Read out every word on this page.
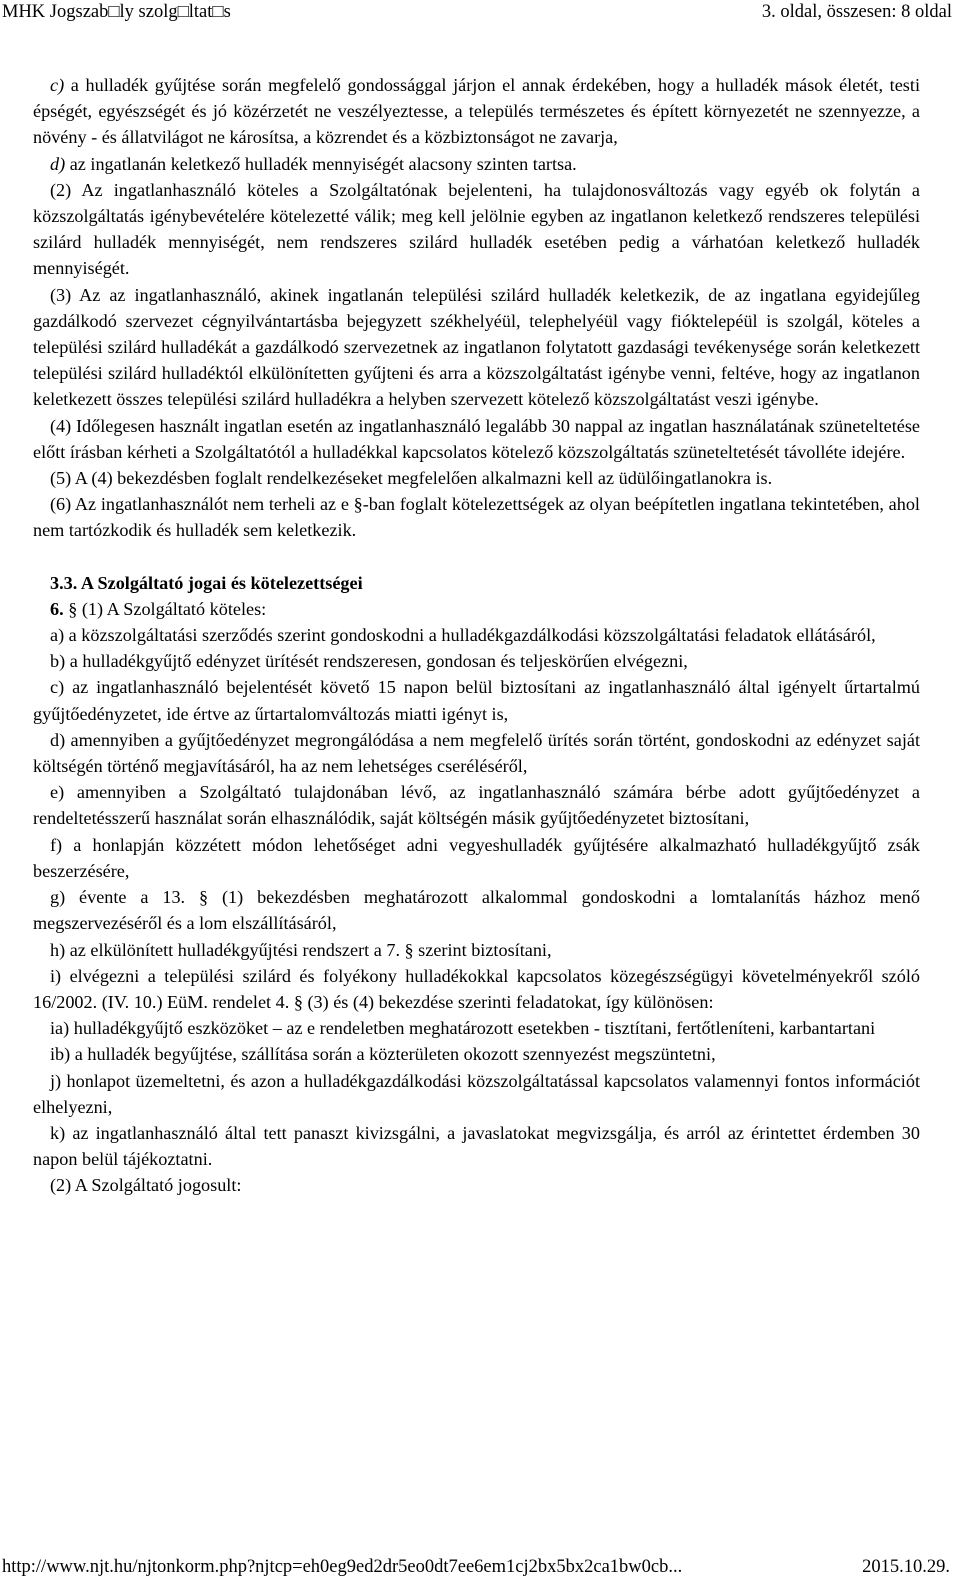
MHK Jogszab□ly szolg□ltat□s	3. oldal, összesen: 8 oldal

c) a hulladék gyűjtése során megfelelő gondossággal járjon el annak érdekében, hogy a hulladék mások életét, testi épségét, egyészségét és jó közérzetét ne veszélyeztesse, a település természetes és épített környezetét ne szennyezze, a növény - és állatvilágot ne károsítsa, a közrendet és a közbiztonságot ne zavarja,

d) az ingatlanán keletkező hulladék mennyiségét alacsony szinten tartsa.

(2) Az ingatlanhasználó köteles a Szolgáltatónak bejelenteni, ha tulajdonosváltozás vagy egyéb ok folytán a közszolgáltatás igénybevételére kötelezetté válik; meg kell jelölnie egyben az ingatlanon keletkező rendszeres települési szilárd hulladék mennyiségét, nem rendszeres szilárd hulladék esetében pedig a várhatóan keletkező hulladék mennyiségét.

(3) Az az ingatlanhasználó, akinek ingatlanán települési szilárd hulladék keletkezik, de az ingatlana egyidejűleg gazdálkodó szervezet cégnyilvántartásba bejegyzett székhelyéül, telephelyéül vagy fióktelepéül is szolgál, köteles a települési szilárd hulladékát a gazdálkodó szervezetnek az ingatlanon folytatott gazdasági tevékenysége során keletkezett települési szilárd hulladéktól elkülönítetten gyűjteni és arra a közszolgáltatást igénybe venni, feltéve, hogy az ingatlanon keletkezett összes települési szilárd hulladékra a helyben szervezett kötelező közszolgáltatást veszi igénybe.

(4) Időlegesen használt ingatlan esetén az ingatlanhasználó legalább 30 nappal az ingatlan használatának szüneteltetése előtt írásban kérheti a Szolgáltatótól a hulladékkal kapcsolatos kötelező közszolgáltatás szüneteltetését távolléte idejére.

(5) A (4) bekezdésben foglalt rendelkezéseket megfelelően alkalmazni kell az üdülőingatlanokra is.

(6) Az ingatlanhasználót nem terheli az e §-ban foglalt kötelezettségek az olyan beépítetlen ingatlana tekintetében, ahol nem tartózkodik és hulladék sem keletkezik.

3.3. A Szolgáltató jogai és kötelezettségei

6. § (1) A Szolgáltató köteles:

a) a közszolgáltatási szerződés szerint gondoskodni a hulladékgazdálkodási közszolgáltatási feladatok ellátásáról,

b) a hulladékgyűjtő edényzet ürítését rendszeresen, gondosan és teljeskörűen elvégezni,

c) az ingatlanhasználó bejelentését követő 15 napon belül biztosítani az ingatlanhasználó által igényelt űrtartalmú gyűjtőedényzetet, ide értve az űrtartalomváltozás miatti igényt is,

d) amennyiben a gyűjtőedényzet megrongálódása a nem megfelelő ürítés során történt, gondoskodni az edényzet saját költségén történő megjavításáról, ha az nem lehetséges cseréléséről,

e) amennyiben a Szolgáltató tulajdonában lévő, az ingatlanhasználó számára bérbe adott gyűjtőedényzet a rendeltetésszerű használat során elhasználódik, saját költségén másik gyűjtőedényzetet biztosítani,

f) a honlapján közzétett módon lehetőséget adni vegyeshulladék gyűjtésére alkalmazható hulladékgyűjtő zsák beszerzésére,

g) évente a 13. § (1) bekezdésben meghatározott alkalommal gondoskodni a lomtalanítás házhoz menő megszervezéséről és a lom elszállításáról,

h) az elkülönített hulladékgyűjtési rendszert a 7. § szerint biztosítani,

i) elvégezni a települési szilárd és folyékony hulladékokkal kapcsolatos közegészségügyi követelményekről szóló 16/2002. (IV. 10.) EüM. rendelet 4. § (3) és (4) bekezdése szerinti feladatokat, így különösen:

ia) hulladékgyűjtő eszközöket – az e rendeletben meghatározott esetekben - tisztítani, fertőtleníteni, karbantartani

ib) a hulladék begyűjtése, szállítása során a közterületen okozott szennyezést megszüntetni,

j) honlapot üzemeltetni, és azon a hulladékgazdálkodási közszolgáltatással kapcsolatos valamennyi fontos információt elhelyezni,

k) az ingatlanhasználó által tett panaszt kivizsgálni, a javaslatokat megvizsgálja, és arról az érintettet érdemben 30 napon belül tájékoztatni.

(2) A Szolgáltató jogosult:

http://www.njt.hu/njtonkorm.php?njtcp=eh0eg9ed2dr5eo0dt7ee6em1cj2bx5bx2ca1bw0cb...	2015.10.29.
